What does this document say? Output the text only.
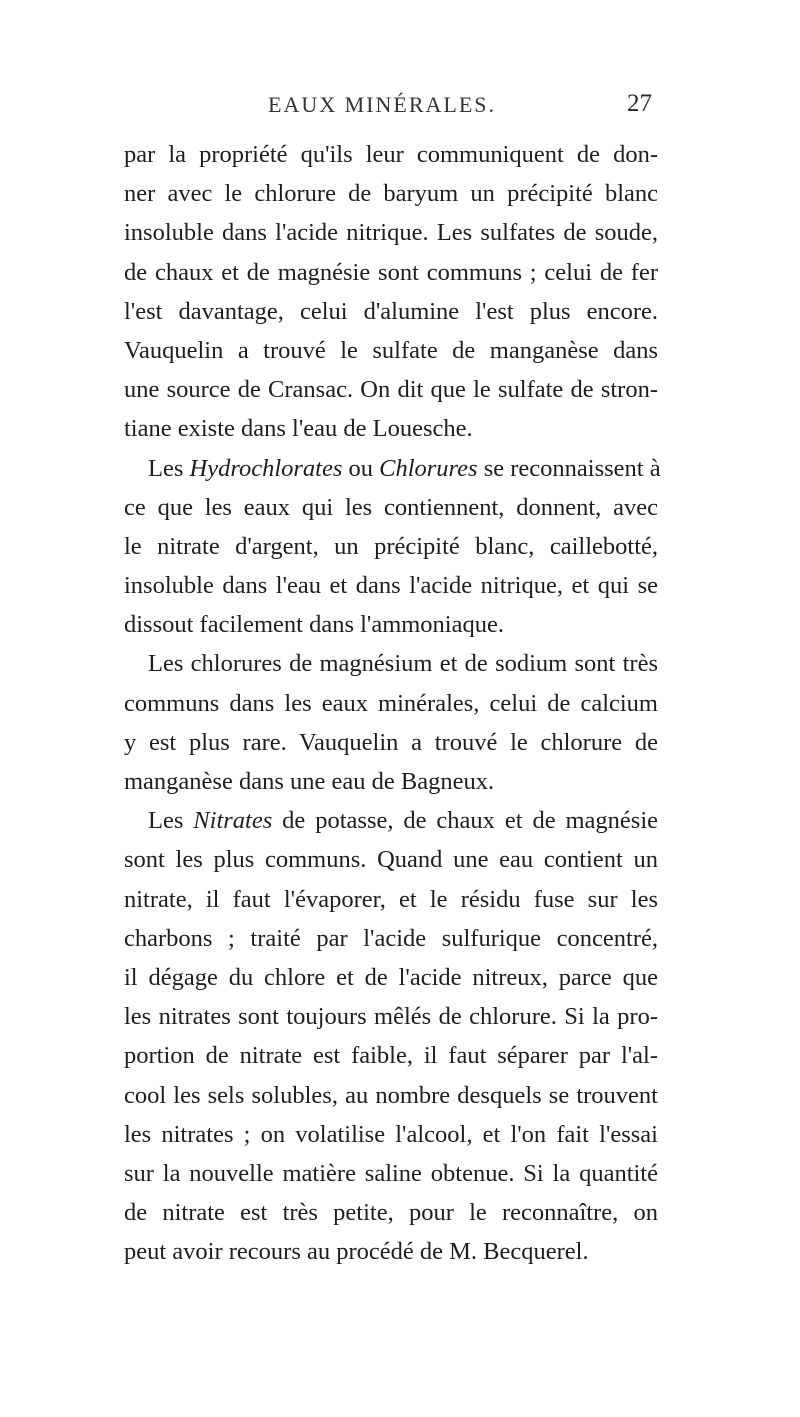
EAUX MINÉRALES.	27
par la propriété qu'ils leur communiquent de don-
ner avec le chlorure de baryum un précipité blanc
insoluble dans l'acide nitrique. Les sulfates de soude,
de chaux et de magnésie sont communs ; celui de fer
l'est davantage, celui d'alumine l'est plus encore.
Vauquelin a trouvé le sulfate de manganèse dans
une source de Cransac. On dit que le sulfate de stron-
tiane existe dans l'eau de Louesche.
Les Hydrochlorates ou Chlorures se reconnaissent à
ce que les eaux qui les contiennent, donnent, avec
le nitrate d'argent, un précipité blanc, caillebotté,
insoluble dans l'eau et dans l'acide nitrique, et qui se
dissout facilement dans l'ammoniaque.
Les chlorures de magnésium et de sodium sont très
communs dans les eaux minérales, celui de calcium
y est plus rare. Vauquelin a trouvé le chlorure de
manganèse dans une eau de Bagneux.
Les Nitrates de potasse, de chaux et de magnésie
sont les plus communs. Quand une eau contient un
nitrate, il faut l'évaporer, et le résidu fuse sur les
charbons ; traité par l'acide sulfurique concentré,
il dégage du chlore et de l'acide nitreux, parce que
les nitrates sont toujours mêlés de chlorure. Si la pro-
portion de nitrate est faible, il faut séparer par l'al-
cool les sels solubles, au nombre desquels se trouvent
les nitrates ; on volatilise l'alcool, et l'on fait l'essai
sur la nouvelle matière saline obtenue. Si la quantité
de nitrate est très petite, pour le reconnaître, on
peut avoir recours au procédé de M. Becquerel.
